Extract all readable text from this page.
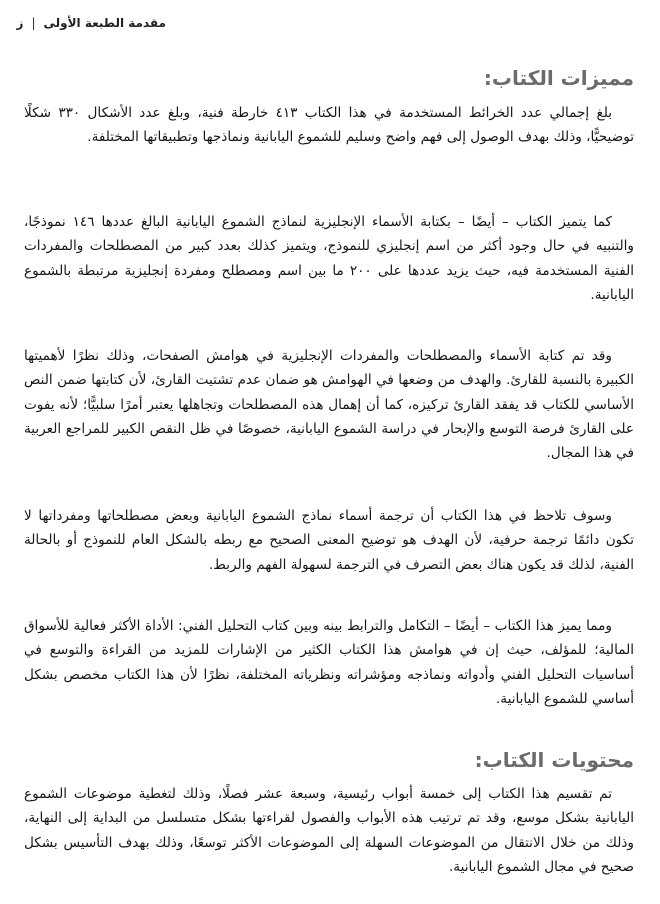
مقدمة الطبعة الأولى
|
ز
مميزات الكتاب:

بلغ إجمالي عدد الخرائط المستخدمة في هذا الكتاب ٤١٣ خارطة فنية، وبلغ عدد الأشكال ٣٣٠ شكلًا توضيحيًّا، وذلك بهدف الوصول إلى فهم واضح وسليم للشموع اليابانية ونماذجها وتطبيقاتها المختلفة.

كما يتميز الكتاب – أيضًا – بكتابة الأسماء الإنجليزية لنماذج الشموع اليابانية البالغ عددها ١٤٦ نموذجًا، والتنبيه في حال وجود أكثر من اسم إنجليزي للنموذج، ويتميز كذلك بعدد كبير من المصطلحات والمفردات الفنية المستخدمة فيه، حيث يزيد عددها على ٢٠٠ ما بين اسم ومصطلح ومفردة إنجليزية مرتبطة بالشموع اليابانية.

وقد تم كتابة الأسماء والمصطلحات والمفردات الإنجليزية في هوامش الصفحات، وذلك نظرًا لأهميتها الكبيرة بالنسبة للقارئ. والهدف من وضعها في الهوامش هو ضمان عدم تشتيت القارئ، لأن كتابتها ضمن النص الأساسي للكتاب قد يفقد القارئ تركيزه، كما أن إهمال هذه المصطلحات وتجاهلها يعتبر أمرًا سلبيًّا؛ لأنه يفوت على القارئ فرصة التوسع والإبحار في دراسة الشموع اليابانية، خصوصًا في ظل النقص الكبير للمراجع العربية في هذا المجال.

وسوف تلاحظ في هذا الكتاب أن ترجمة أسماء نماذج الشموع اليابانية وبعض مصطلحاتها ومفرداتها لا تكون دائمًا ترجمة حرفية، لأن الهدف هو توضيح المعنى الصحيح مع ربطه بالشكل العام للنموذج أو بالحالة الفنية، لذلك قد يكون هناك بعض التصرف في الترجمة لسهولة الفهم والربط.

ومما يميز هذا الكتاب – أيضًا – التكامل والترابط بينه وبين كتاب التحليل الفني: الأداة الأكثر فعالية للأسواق المالية؛ للمؤلف، حيث إن في هوامش هذا الكتاب الكثير من الإشارات للمزيد من القراءة والتوسع في أساسيات التحليل الفني وأدواته ونماذجه ومؤشراته ونظرياته المختلفة، نظرًا لأن هذا الكتاب مخصص بشكل أساسي للشموع اليابانية.

محتويات الكتاب:

تم تقسيم هذا الكتاب إلى خمسة أبواب رئيسية، وسبعة عشر فصلًا، وذلك لتغطية موضوعات الشموع اليابانية بشكل موسع، وقد تم ترتيب هذه الأبواب والفصول لقراءتها بشكل متسلسل من البداية إلى النهاية، وذلك من خلال الانتقال من الموضوعات السهلة إلى الموضوعات الأكثر توسعًا، وذلك بهدف التأسيس بشكل صحيح في مجال الشموع اليابانية.
